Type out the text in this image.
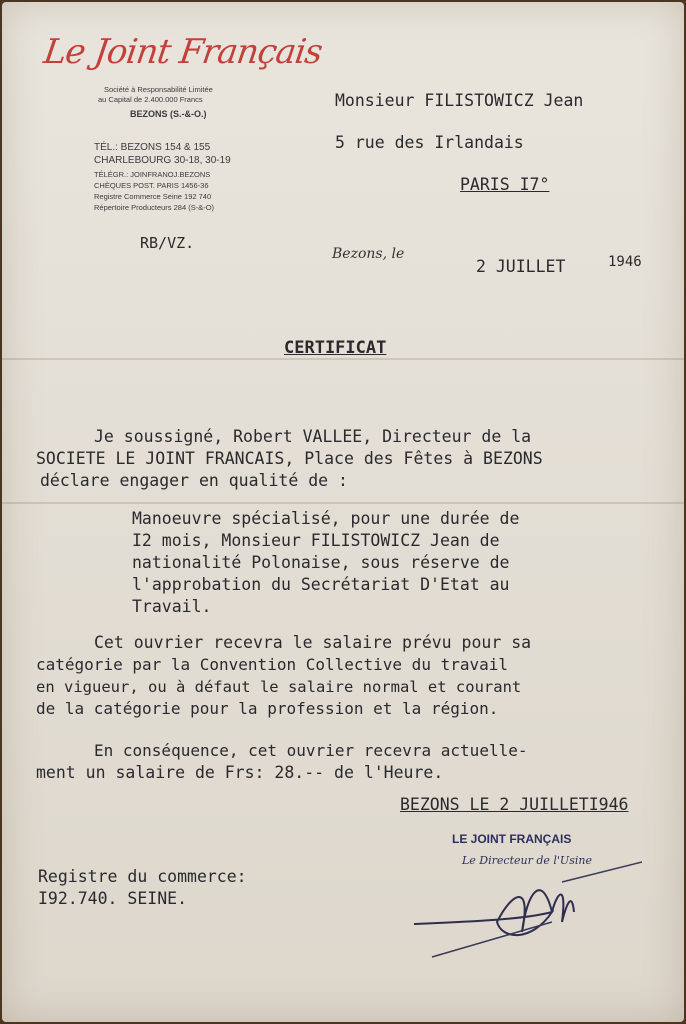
Le Joint Français
Société à Responsabilité Limitée
au Capital de 2.400.000 Francs
BEZONS (S.-&-O.)
TÉL.: BEZONS 154 & 155
CHARLEBOURG 30-18, 30-19
TÉLÉGR.: JOINFRANOJ.BEZONS
CHÈQUES POST. PARIS 1456-36
Registre Commerce Seine 192 740
Répertoire Producteurs 284 (S-&-O)
RB/VZ.
Monsieur FILISTOWICZ Jean
5 rue des Irlandais
PARIS I7°
Bezons, le
2 JUILLET	1946
CERTIFICAT
Je soussigné, Robert VALLEE, Directeur de la
SOCIETE LE JOINT FRANCAIS, Place des Fêtes à BEZONS
déclare engager en qualité de :
Manoeuvre spécialisé, pour une durée de
I2 mois, Monsieur FILISTOWICZ Jean de
nationalité Polonaise, sous réserve de
l'approbation du Secrétariat D'Etat au
Travail.
Cet ouvrier recevra le salaire prévu pour sa
catégorie par la Convention Collective du travail
en vigueur, ou à défaut le salaire normal et courant
de la catégorie pour la profession et la région.
En conséquence, cet ouvrier recevra actuelle-
ment un salaire de Frs: 28.-- de l'Heure.
BEZONS LE 2 JUILLETI946
LE JOINT FRANÇAIS
Le Directeur de l'Usine
Registre du commerce:
I92.740. SEINE.
